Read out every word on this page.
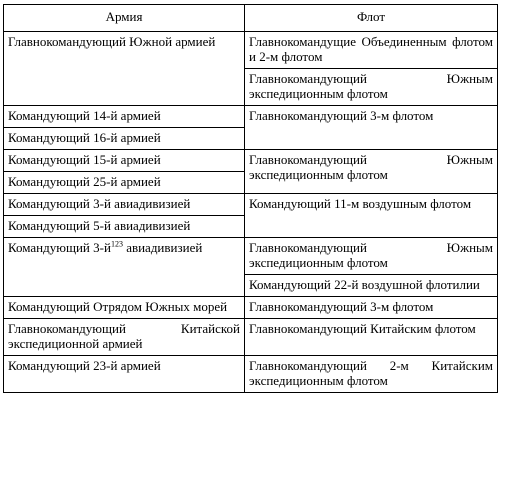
Армия	Флот
Главнокомандующий Южной армией	Главнокомандущие Объединенным флотом и 2-м флотом
	Главнокомандующий Южным экспедиционным флотом
Командующий 14-й армией	Главнокомандующий 3-м флотом
Командующий 16-й армией	
Командующий 15-й армией	Главнокомандующий Южным экспедиционным флотом
Командующий 25-й армией	
Командующий 3-й авиадивизией	Командующий 11-м воздушным флотом
Командующий 5-й авиадивизией	
Командующий $3-й^{123}$ авиадивизией	Главнокомандующий Южным экспедиционным флотом
	Командующий 22-й воздушной флотилии
Командующий Отрядом Южных морей	Главнокомандующий 3-м флотом
Главнокомандующий Китайской экспедиционной армией	Главнокомандующий Китайским флотом
Командующий 23-й армией	Главнокомандующий 2-м Китайским экспедиционным флотом
